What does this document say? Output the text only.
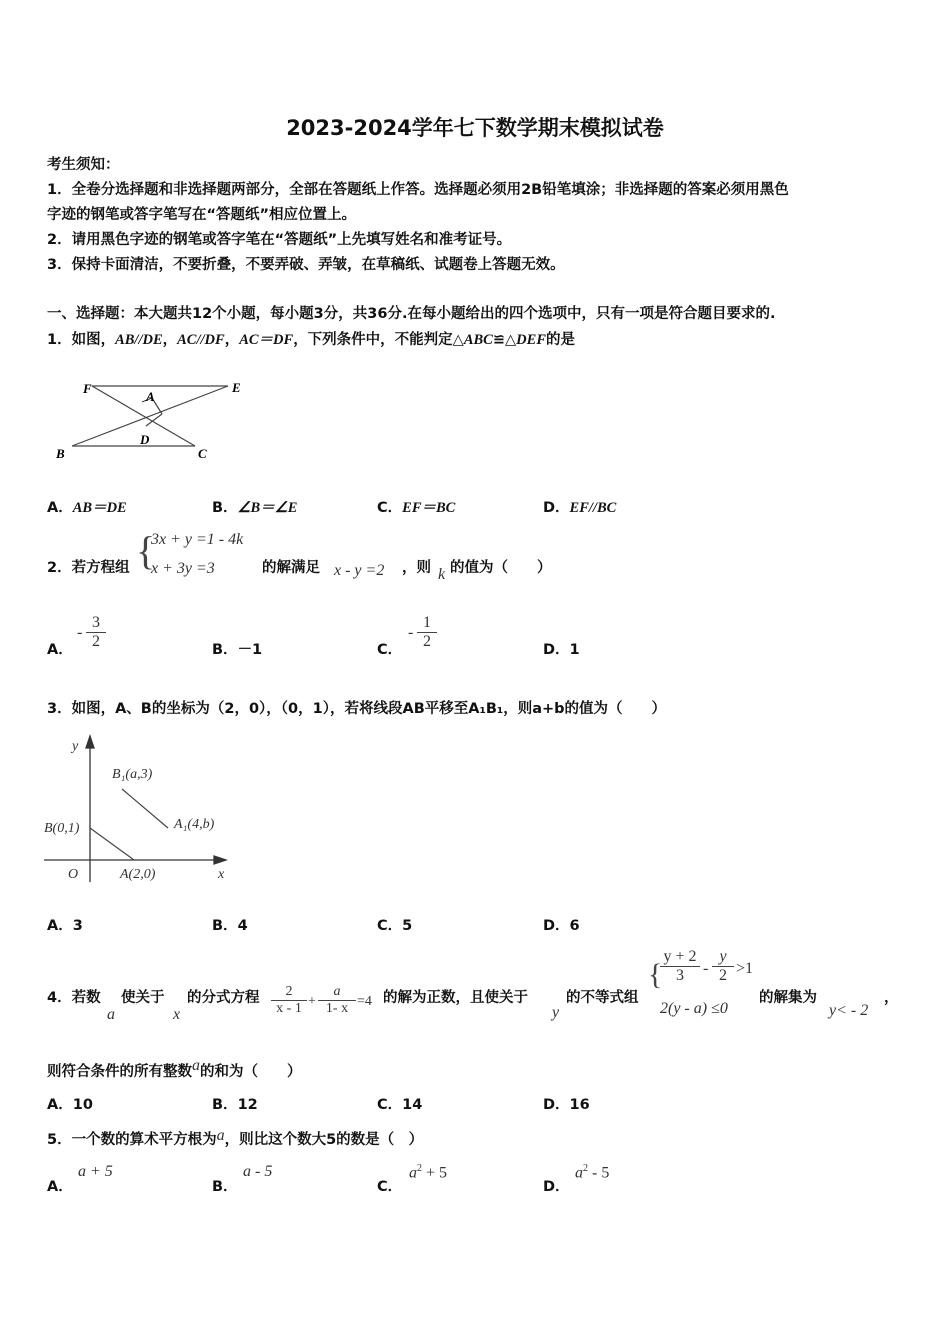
2023-2024学年七下数学期末模拟试卷
考生须知：
1．全卷分选择题和非选择题两部分，全部在答题纸上作答。选择题必须用2B铅笔填涂；非选择题的答案必须用黑色
字迹的钢笔或答字笔写在“答题纸”相应位置上。
2．请用黑色字迹的钢笔或答字笔在“答题纸”上先填写姓名和准考证号。
3．保持卡面清洁，不要折叠，不要弄破、弄皱，在草稿纸、试题卷上答题无效。
一、选择题：本大题共12个小题，每小题3分，共36分.在每小题给出的四个选项中，只有一项是符合题目要求的.
1．如图，AB//DE，AC//DF，AC＝DF，下列条件中，不能判定△ABC≌△DEF的是
F	E
A
D
B	C
A．AB＝DE	B．∠B＝∠E	C．EF＝BC	D．EF//BC
2．若方程组 {
3x + y =1 - 4k
x + 3y =3	的解满足 x - y =2 ，则 k 的值为（　　）
A．
- $\frac{3}{2}$	B．－1	C．
- $\frac{1}{2}$	D．1
3．如图，A、B的坐标为（2，0），（0，1），若将线段AB平移至A₁B₁，则a+b的值为（　　）
y
x
O
B(0,1)
A(2,0)
B₁(a,3)
A₁(4,b)
A．3	B．4	C．5	D．6
4．若数
a
使关于
x
的分式方程 $\frac{2}{x - 1} + \frac{a}{1- x} =4$ 的解为正数，且使关于
y
的不等式组
{
$\frac{y + 2}{3} - \frac{y}{2} >1$
2(y - a) ≤0
的解集为
y< - 2
，
则符合条件的所有整数a的和为（　　）
A．10	B．12	C．14	D．16
5．一个数的算术平方根为a，则比这个数大5的数是（　）
A．
a + 5
B．
a - 5
C．
$a^2 + 5$
D．
$a^2 - 5$
